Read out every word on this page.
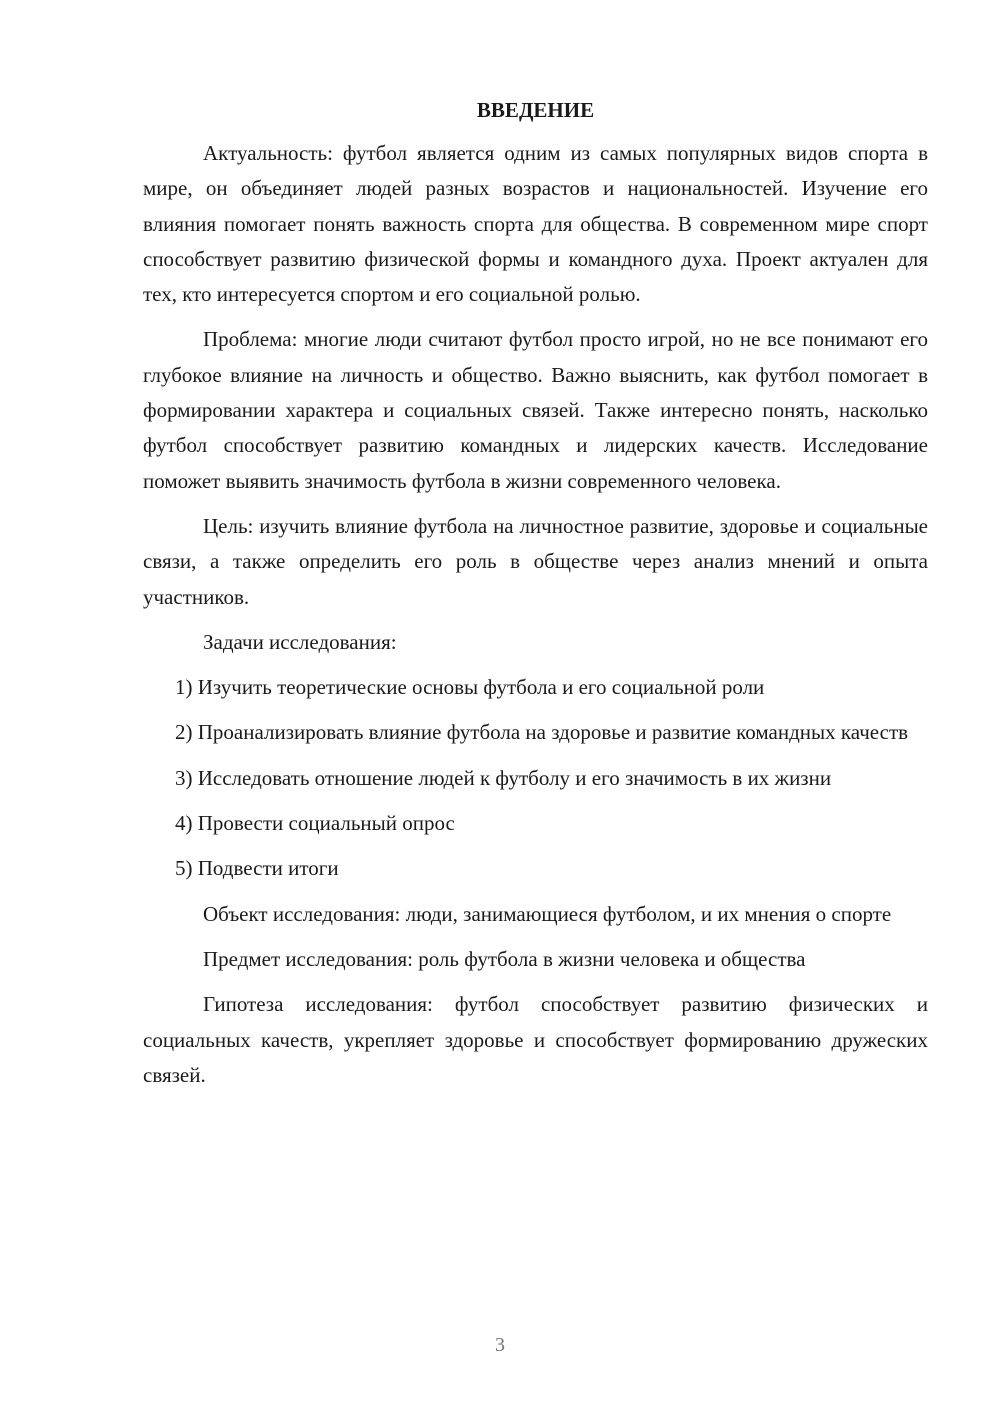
ВВЕДЕНИЕ

Актуальность: футбол является одним из самых популярных видов спорта в мире, он объединяет людей разных возрастов и национальностей. Изучение его влияния помогает понять важность спорта для общества. В современном мире спорт способствует развитию физической формы и командного духа. Проект актуален для тех, кто интересуется спортом и его социальной ролью.

Проблема: многие люди считают футбол просто игрой, но не все понимают его глубокое влияние на личность и общество. Важно выяснить, как футбол помогает в формировании характера и социальных связей. Также интересно понять, насколько футбол способствует развитию командных и лидерских качеств. Исследование поможет выявить значимость футбола в жизни современного человека.

Цель: изучить влияние футбола на личностное развитие, здоровье и социальные связи, а также определить его роль в обществе через анализ мнений и опыта участников.

Задачи исследования:

1) Изучить теоретические основы футбола и его социальной роли

2) Проанализировать влияние футбола на здоровье и развитие командных качеств

3) Исследовать отношение людей к футболу и его значимость в их жизни

4) Провести социальный опрос

5) Подвести итоги

Объект исследования: люди, занимающиеся футболом, и их мнения о спорте

Предмет исследования: роль футбола в жизни человека и общества

Гипотеза исследования: футбол способствует развитию физических и социальных качеств, укрепляет здоровье и способствует формированию дружеских связей.

3
